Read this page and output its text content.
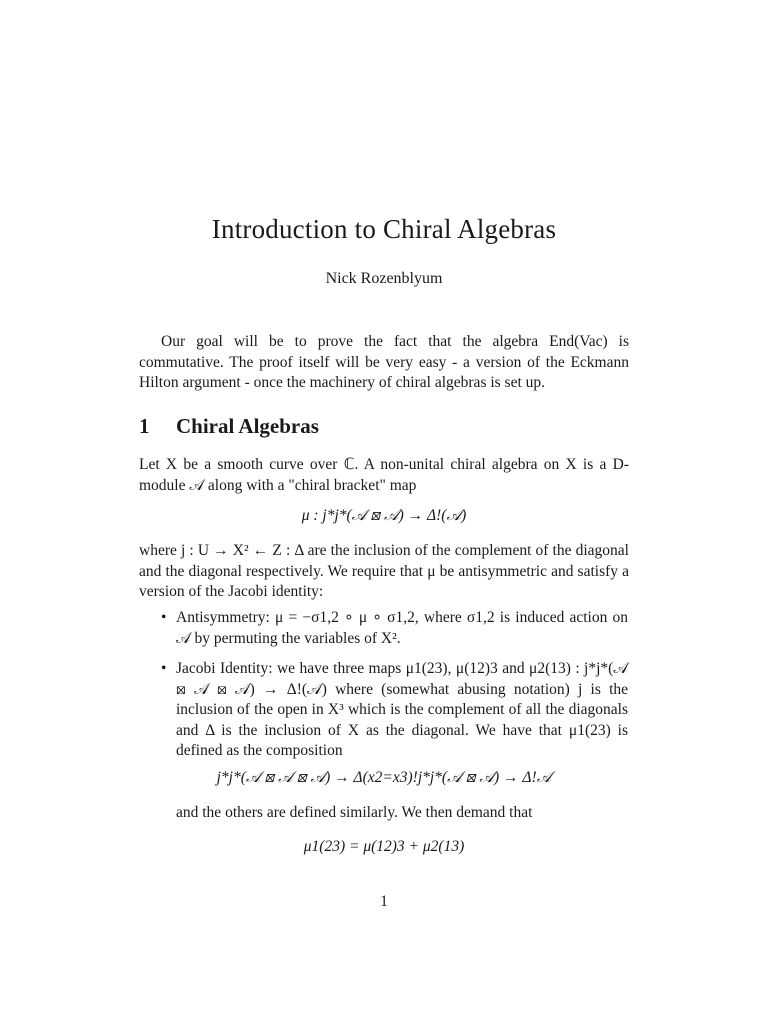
Introduction to Chiral Algebras
Nick Rozenblyum
Our goal will be to prove the fact that the algebra End(Vac) is commutative. The proof itself will be very easy - a version of the Eckmann Hilton argument - once the machinery of chiral algebras is set up.
1 Chiral Algebras
Let X be a smooth curve over ℂ. A non-unital chiral algebra on X is a D-module 𝒜 along with a "chiral bracket" map
μ : j*j*(𝒜 ⊠ 𝒜) → Δ!(𝒜)
where j : U → X² ← Z : Δ are the inclusion of the complement of the diagonal and the diagonal respectively. We require that μ be antisymmetric and satisfy a version of the Jacobi identity:
• Antisymmetry: μ = −σ1,2 ∘ μ ∘ σ1,2, where σ1,2 is induced action on 𝒜 by permuting the variables of X².
• Jacobi Identity: we have three maps μ1(23), μ(12)3 and μ2(13) : j*j*(𝒜 ⊠ 𝒜 ⊠ 𝒜) → Δ!(𝒜) where (somewhat abusing notation) j is the inclusion of the open in X³ which is the complement of all the diagonals and Δ is the inclusion of X as the diagonal. We have that μ1(23) is defined as the composition
j*j*(𝒜 ⊠ 𝒜 ⊠ 𝒜) → Δ(x2=x3)!j*j*(𝒜 ⊠ 𝒜) → Δ!𝒜
and the others are defined similarly. We then demand that
μ1(23) = μ(12)3 + μ2(13)
1
